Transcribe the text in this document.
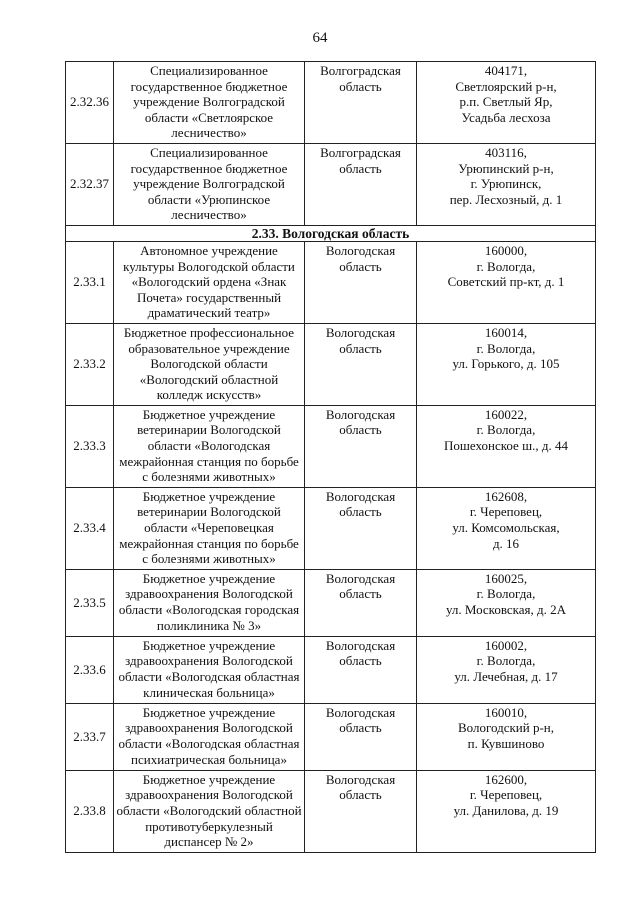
64
2.32.36	Специализированное
государственное бюджетное
учреждение Волгоградской
области «Светлоярское
лесничество»	Волгоградская
область	404171,
Светлоярский р-н,
р.п. Светлый Яр,
Усадьба лесхоза

2.32.37	Специализированное
государственное бюджетное
учреждение Волгоградской
области «Урюпинское
лесничество»	Волгоградская
область	403116,
Урюпинский р-н,
г. Урюпинск,
пер. Лесхозный, д. 1

2.33. Вологодская область			
2.33.1	Автономное учреждение
культуры Вологодской области
«Вологодский ордена «Знак
Почета» государственный
драматический театр»	Вологодская
область	160000,
г. Вологда,
Советский пр-кт, д. 1

2.33.2	Бюджетное профессиональное
образовательное учреждение
Вологодской области
«Вологодский областной
колледж искусств»	Вологодская
область	160014,
г. Вологда,
ул. Горького, д. 105

2.33.3	Бюджетное учреждение
ветеринарии Вологодской
области «Вологодская
межрайонная станция по борьбе
с болезнями животных»	Вологодская
область	160022,
г. Вологда,
Пошехонское ш., д. 44

2.33.4	Бюджетное учреждение
ветеринарии Вологодской
области «Череповецкая
межрайонная станция по борьбе
с болезнями животных»	Вологодская
область	162608,
г. Череповец,
ул. Комсомольская,
д. 16

2.33.5	Бюджетное учреждение
здравоохранения Вологодской
области «Вологодская городская
поликлиника № 3»	Вологодская
область	160025,
г. Вологда,
ул. Московская, д. 2А

2.33.6	Бюджетное учреждение
здравоохранения Вологодской
области «Вологодская областная
клиническая больница»	Вологодская
область	160002,
г. Вологда,
ул. Лечебная, д. 17

2.33.7	Бюджетное учреждение
здравоохранения Вологодской
области «Вологодская областная
психиатрическая больница»	Вологодская
область	160010,
Вологодский р-н,
п. Кувшиново

2.33.8	Бюджетное учреждение
здравоохранения Вологодской
области «Вологодский областной
противотуберкулезный
диспансер № 2»	Вологодская
область	162600,
г. Череповец,
ул. Данилова, д. 19
